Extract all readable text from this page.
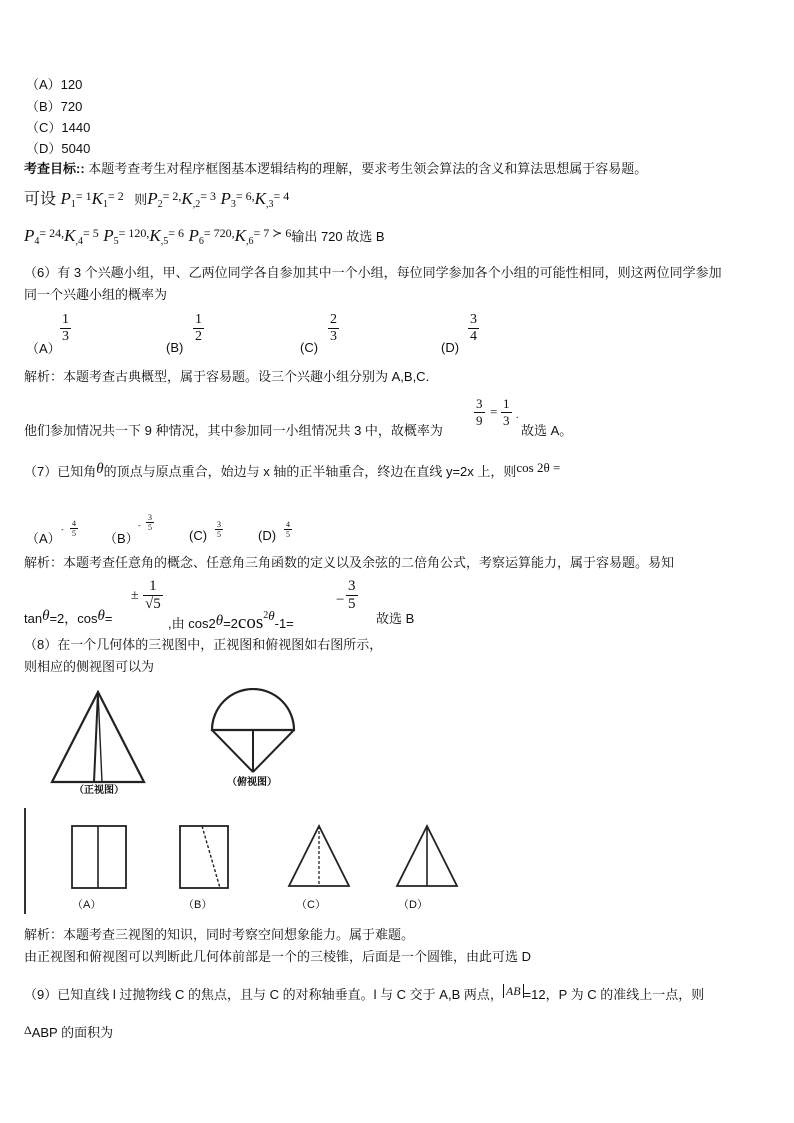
（A）120
（B）720
（C）1440
（D）5040
考查目标:: 本题考查考生对程序框图基本逻辑结构的理解，要求考生领会算法的含义和算法思想属于容易题。
可设 $P_1^{= 1}K_1^{= 2}$ 则$P_2^{= 2,}K_{,2}^{= 3}$ $P_3^{= 6,}K_{,3}^{= 4}$
$P_4^{= 24,}K_{,4}^{= 5}$ $P_5^{= 120,}K_{,5}^{= 6}$ $P_6^{= 720,}K_{,6}^{= 7 ≻ 6}$输出 720 故选 B
（6）有 3 个兴趣小组，甲、乙两位同学各自参加其中一个小组，每位同学参加各个小组的可能性相同，则这两位同学参加
同一个兴趣小组的概率为
（A）
1
3
(B)
1
2
(C)
2
3
(D)
3
4
解析：本题考查古典概型，属于容易题。设三个兴趣小组分别为 A,B,C.
他们参加情况共一下 9 种情况，其中参加同一小组情况共 3 中，故概率为
3
9
=
1
3 .
故选 A。
（7）已知角θ的顶点与原点重合，始边与 x 轴的正半轴重合，终边在直线 y=2x 上，则cos 2θ =
（A）
-
4
5 （B）
-
3
5
(C)
3
5	(D)
4
5
解析：本题考查任意角的概念、任意角三角函数的定义以及余弦的二倍角公式，考察运算能力，属于容易题。易知
tanθ=2，cosθ=
±
1
√5
,由 $\cos 2\theta=2\cos^2\theta-1=$
−
3
5
故选 B
（8）在一个几何体的三视图中，正视图和俯视图如右图所示，
则相应的侧视图可以为
（正视图）
（俯视图）
（A）	（B）	（C）	（D）
解析：本题考查三视图的知识，同时考察空间想象能力。属于难题。
由正视图和俯视图可以判断此几何体前部是一个的三棱锥，后面是一个圆锥，由此可选 D
（9）已知直线 l 过抛物线 C 的焦点，且与 C 的对称轴垂直。l 与 C 交于 A,B 两点， AB =12，P 为 C 的准线上一点，则
ΔABP 的面积为
